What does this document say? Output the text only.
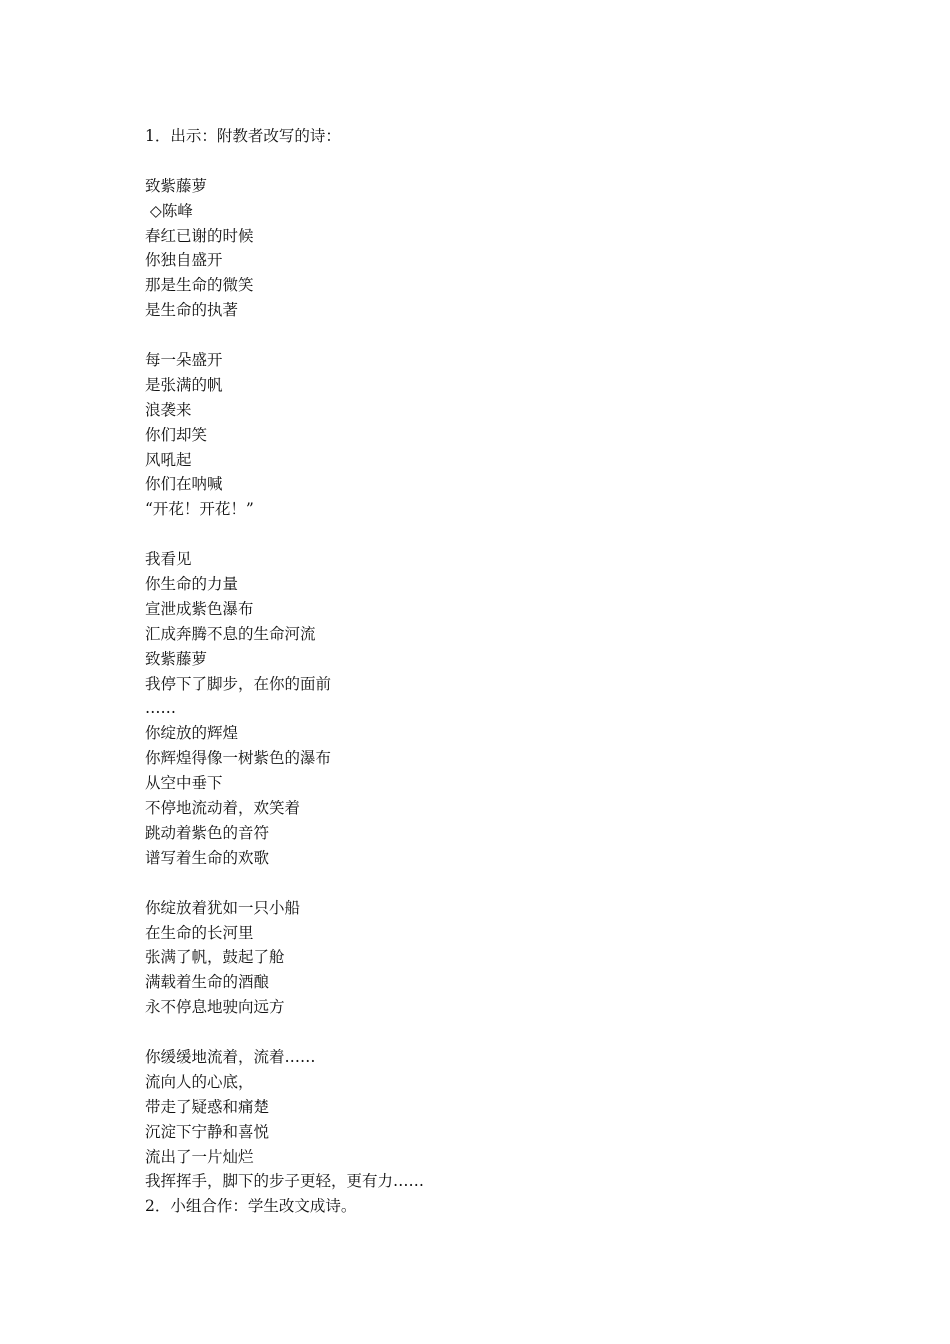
1．出示：附教者改写的诗：

致紫藤萝

◇陈峰

春红已谢的时候

你独自盛开

那是生命的微笑

是生命的执著

每一朵盛开

是张满的帆

浪袭来

你们却笑

风吼起

你们在呐喊

“开花！开花！”

我看见

你生命的力量

宣泄成紫色瀑布

汇成奔腾不息的生命河流

致紫藤萝

我停下了脚步，在你的面前

……

你绽放的辉煌

你辉煌得像一树紫色的瀑布

从空中垂下

不停地流动着，欢笑着

跳动着紫色的音符

谱写着生命的欢歌

你绽放着犹如一只小船

在生命的长河里

张满了帆，鼓起了舱

满载着生命的酒酿

永不停息地驶向远方

你缓缓地流着，流着……

流向人的心底，

带走了疑惑和痛楚

沉淀下宁静和喜悦

流出了一片灿烂

我挥挥手，脚下的步子更轻，更有力……

2．小组合作：学生改文成诗。
